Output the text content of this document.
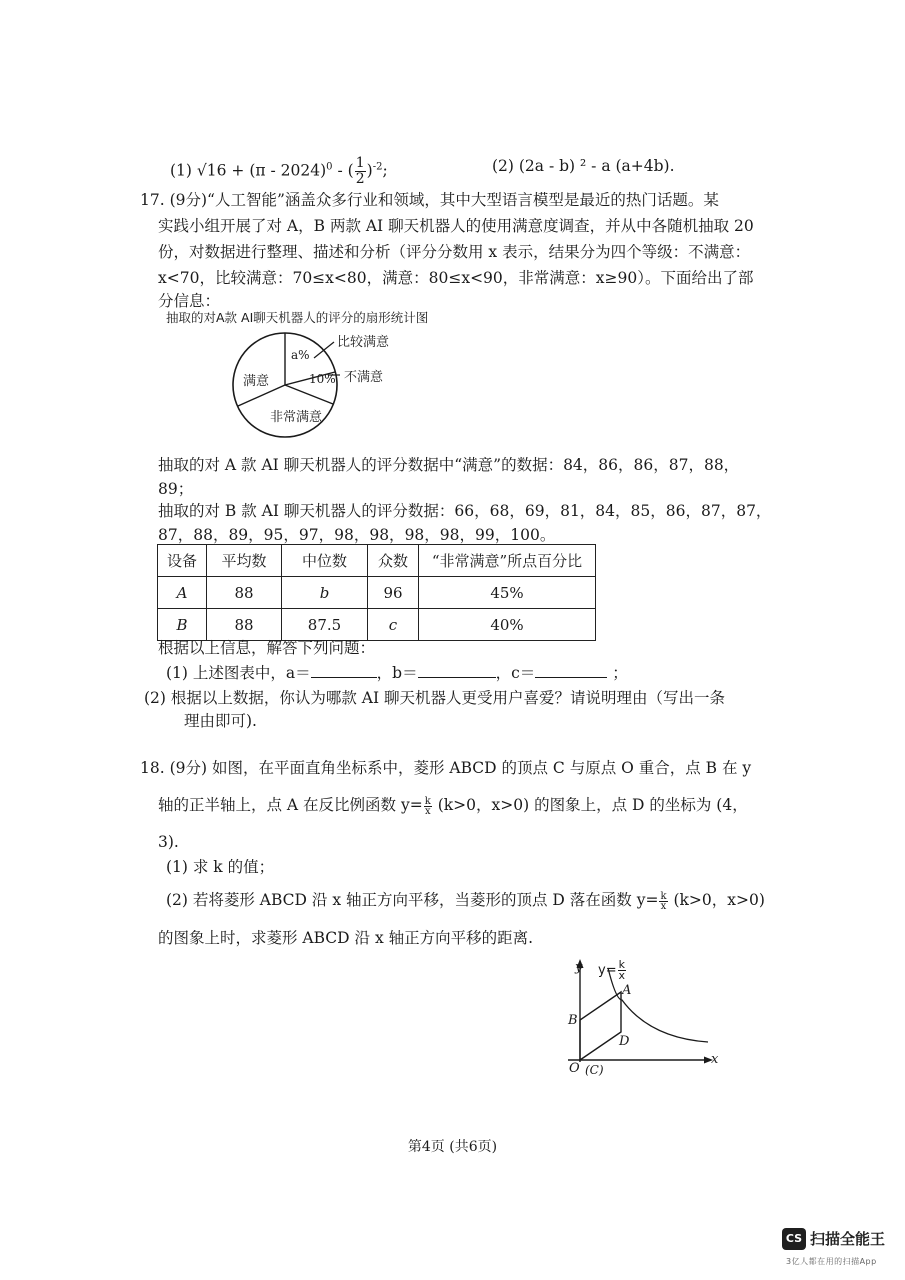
(1) √16 + (π - 2024)$^0$ - ( $\frac{1}{2} )^{-2}$;	(2) (2a - b) ² - a (a+4b).
17. (9分)“人工智能”涵盖众多行业和领域，其中大型语言模型是最近的热门话题。某
实践小组开展了对 A，B 两款 AI 聊天机器人的使用满意度调查，并从中各随机抽取 20
份，对数据进行整理、描述和分析（评分分数用 x 表示，结果分为四个等级：不满意：
x<70，比较满意：70≤x<80，满意：80≤x<90，非常满意：x≥90）。下面给出了部
分信息：
抽取的对A款 AI聊天机器人的评分的扇形统计图
a%
10%
比较满意
不满意
满意
非常满意
抽取的对 A 款 AI 聊天机器人的评分数据中“满意”的数据：84，86，86，87，88，
89；
抽取的对 B 款 AI 聊天机器人的评分数据：66，68，69，81，84，85，86，87，87，
87，88，89，95，97，98，98，98，98，99，100。
设备	平均数	中位数	众数	“非常满意”所点百分比
A	88	b	96	45%
B	88	87.5	c	40%
根据以上信息，解答下列问题：
(1) 上述图表中，a＝	，b＝	，c＝	；
(2) 根据以上数据，你认为哪款 AI 聊天机器人更受用户喜爱？请说明理由（写出一条
理由即可).
18. (9分) 如图，在平面直角坐标系中，菱形 ABCD 的顶点 C 与原点 O 重合，点 B 在 y
轴的正半轴上，点 A 在反比例函数 $y= \frac{k}{x} (k>0$，x>0) 的图象上，点 D 的坐标为 (4，
3).
(1) 求 k 的值；
(2) 若将菱形 ABCD 沿 x 轴正方向平移，当菱形的顶点 D 落在函数 $y= \frac{k}{x} (k>0$，x>0)
的图象上时，求菱形 ABCD 沿 x 轴正方向平移的距离.
y
x
$y= \frac{k}{x}$
A
B
D
O (C)
第4页 (共6页)
CS 扫描全能王
3亿人都在用的扫描App
